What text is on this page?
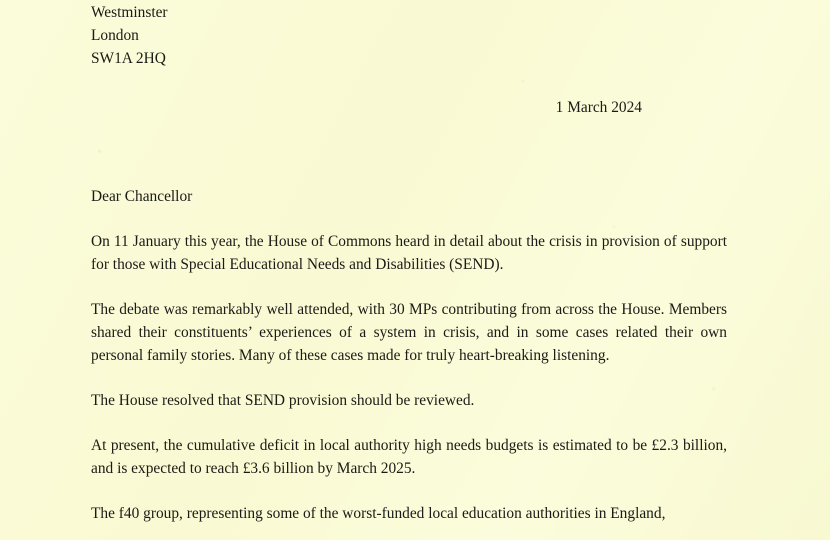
Westminster
London
SW1A 2HQ
1 March 2024
Dear Chancellor

On 11 January this year, the House of Commons heard in detail about the crisis in provision of support for those with Special Educational Needs and Disabilities (SEND).

The debate was remarkably well attended, with 30 MPs contributing from across the House. Members shared their constituents’ experiences of a system in crisis, and in some cases related their own personal family stories. Many of these cases made for truly heart-breaking listening.

The House resolved that SEND provision should be reviewed.

At present, the cumulative deficit in local authority high needs budgets is estimated to be £2.3 billion, and is expected to reach £3.6 billion by March 2025.

The f40 group, representing some of the worst-funded local education authorities in England,
